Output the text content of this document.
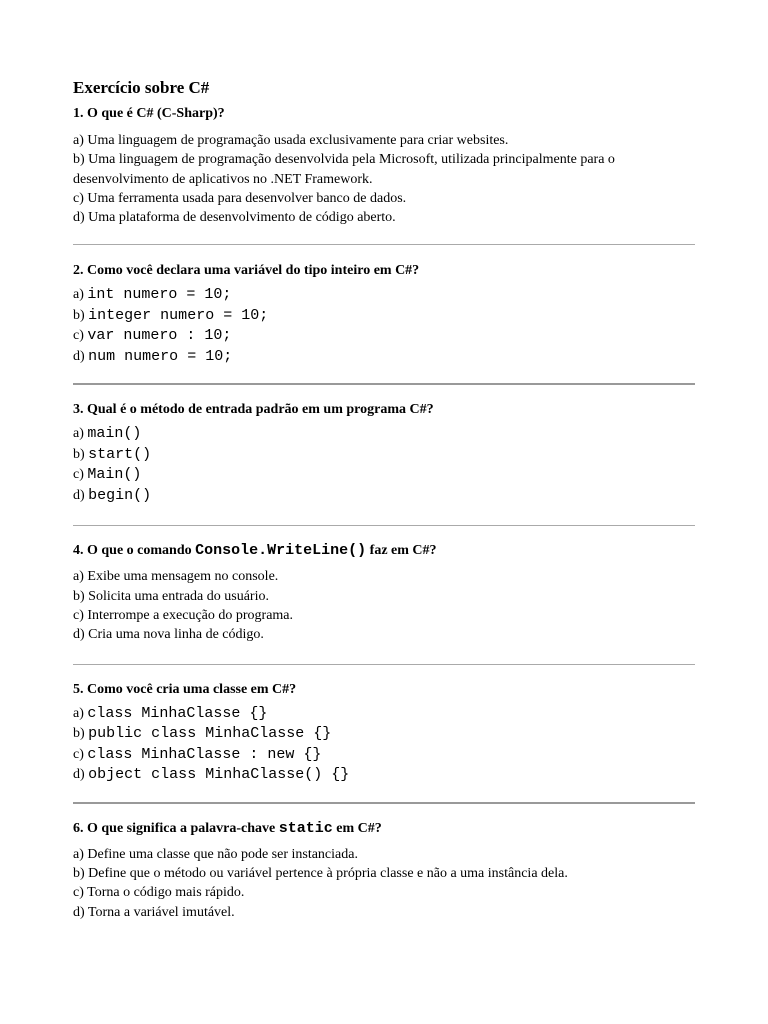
Exercício sobre C#
1. O que é C# (C-Sharp)?
a) Uma linguagem de programação usada exclusivamente para criar websites.
b) Uma linguagem de programação desenvolvida pela Microsoft, utilizada principalmente para o desenvolvimento de aplicativos no .NET Framework.
c) Uma ferramenta usada para desenvolver banco de dados.
d) Uma plataforma de desenvolvimento de código aberto.
2. Como você declara uma variável do tipo inteiro em C#?
a) int numero = 10;
b) integer numero = 10;
c) var numero : 10;
d) num numero = 10;
3. Qual é o método de entrada padrão em um programa C#?
a) main()
b) start()
c) Main()
d) begin()
4. O que o comando Console.WriteLine() faz em C#?
a) Exibe uma mensagem no console.
b) Solicita uma entrada do usuário.
c) Interrompe a execução do programa.
d) Cria uma nova linha de código.
5. Como você cria uma classe em C#?
a) class MinhaClasse {}
b) public class MinhaClasse {}
c) class MinhaClasse : new {}
d) object class MinhaClasse() {}
6. O que significa a palavra-chave static em C#?
a) Define uma classe que não pode ser instanciada.
b) Define que o método ou variável pertence à própria classe e não a uma instância dela.
c) Torna o código mais rápido.
d) Torna a variável imutável.
